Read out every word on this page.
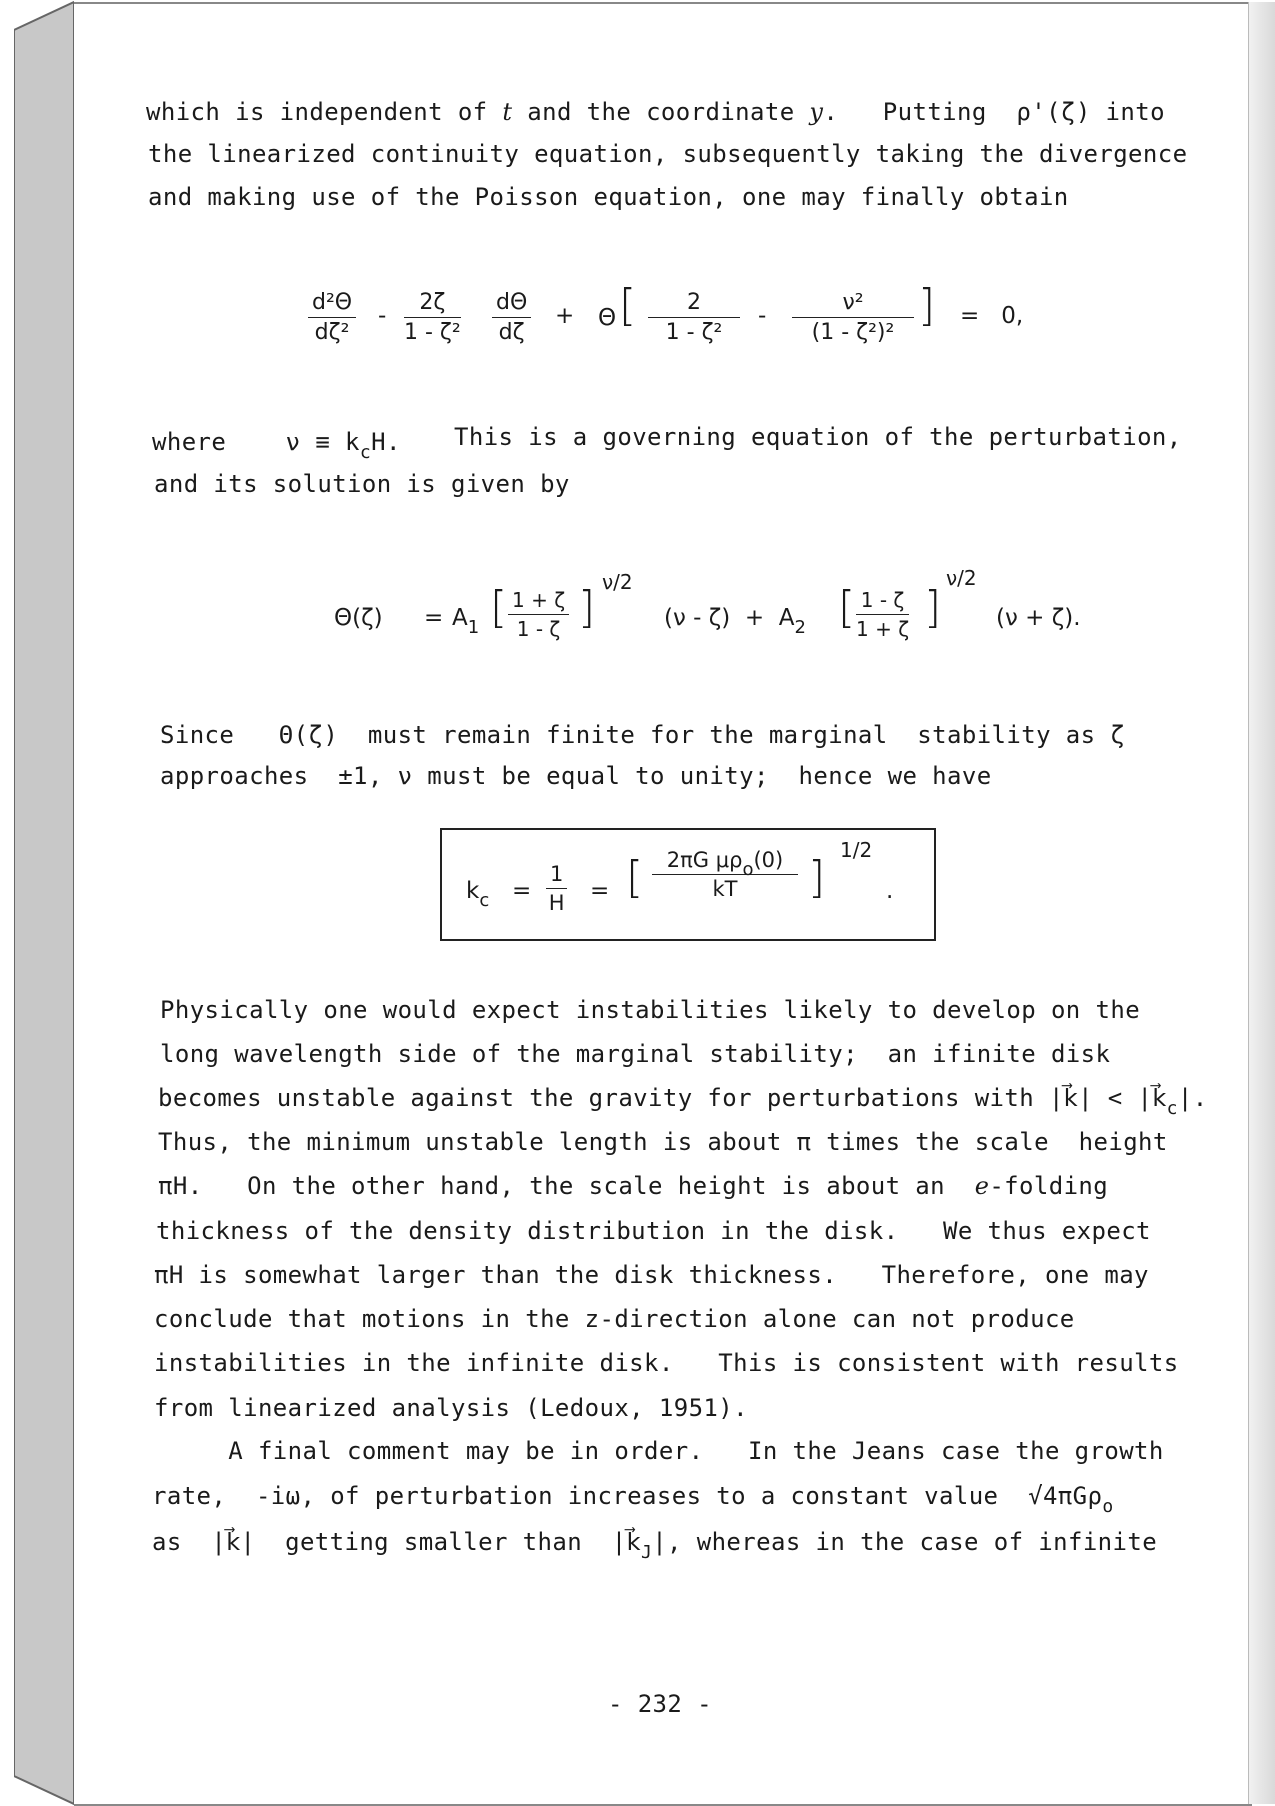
which is independent of t and the coordinate y.   Putting  ρ'(ζ) into
the linearized continuity equation, subsequently taking the divergence
and making use of the Poisson equation, one may finally obtain
$\frac{\text{d²Θ}}{\text{dζ²}} - \frac{2\zeta}{\text{1 - ζ²}} \frac{d\Theta}{d\zeta} + \Theta$ [ $\frac{2}{\text{1 - ζ²}} - \frac{\text{ν²}}{\text{(1 - ζ²)²}}$ ] =   0,
where $\nu \equiv k_cH$. This is a governing equation of the perturbation,
and its solution is given by
$\Theta(\zeta) = A_1$ [ $\frac{1 + \zeta}{1 - \zeta}$ ] ν/2
$(\nu - \zeta) + A_2$ [ $\frac{1 - \zeta}{1 + \zeta}$ ]
ν/2
(ν + ζ).
Since   Θ(ζ)  must remain finite for the marginal  stability as ζ
approaches  ±1, ν must be equal to unity;  hence we have
$k_c = \frac{1}{H}$ = [	2πG μρo(0)
kT	]
1/2
.
Physically one would expect instabilities likely to develop on the
long wavelength side of the marginal stability;  an ifinite disk
becomes unstable against the gravity for perturbations with |k⃗| < $|k⃗_c|$.
Thus, the minimum unstable length is about π times the scale  height
πH.   On the other hand, the scale height is about an  e-folding
thickness of the density distribution in the disk.   We thus expect
πH is somewhat larger than the disk thickness.   Therefore, one may
conclude that motions in the z-direction alone can not produce
instabilities in the infinite disk.   This is consistent with results
from linearized analysis (Ledoux, 1951).
A final comment may be in order.   In the Jeans case the growth
rate,  -iω, of perturbation increases to a constant value  √4πGρ$_o$
as  |k⃗|  getting smaller than  $|k⃗_J|$, whereas in the case of infinite
- 232 -
